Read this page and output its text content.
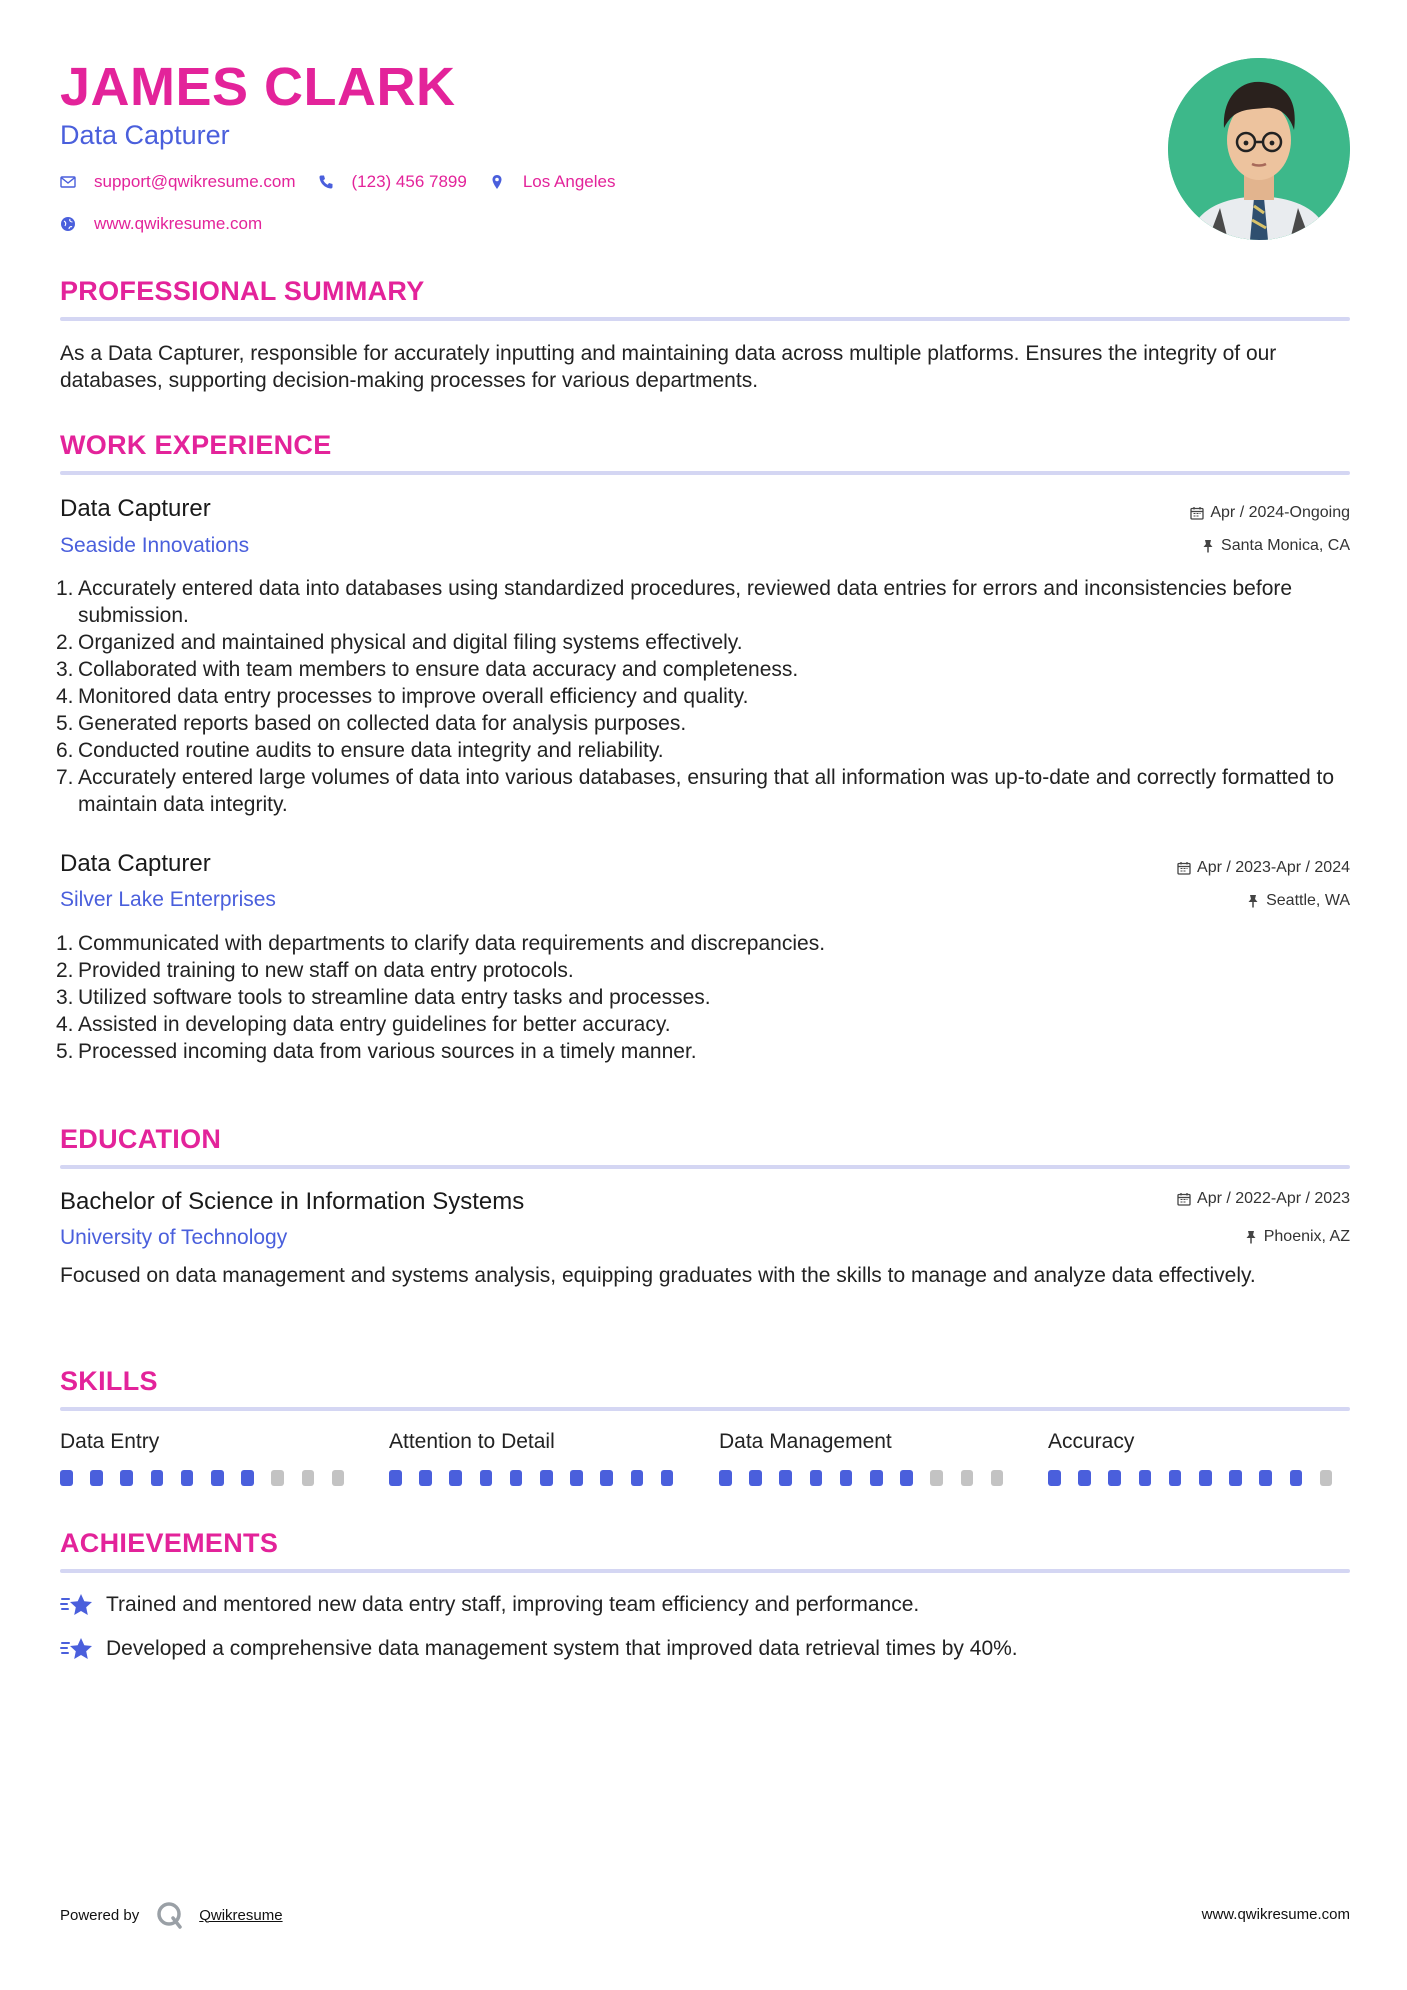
JAMES CLARK
Data Capturer
support@qwikresume.com	(123) 456 7899	Los Angeles
www.qwikresume.com
PROFESSIONAL SUMMARY
As a Data Capturer, responsible for accurately inputting and maintaining data across multiple platforms. Ensures the integrity of our databases, supporting decision-making processes for various departments.
WORK EXPERIENCE
Data Capturer
Seaside Innovations
Apr / 2024-Ongoing
Santa Monica, CA
1. Accurately entered data into databases using standardized procedures, reviewed data entries for errors and inconsistencies before submission.
2. Organized and maintained physical and digital filing systems effectively.
3. Collaborated with team members to ensure data accuracy and completeness.
4. Monitored data entry processes to improve overall efficiency and quality.
5. Generated reports based on collected data for analysis purposes.
6. Conducted routine audits to ensure data integrity and reliability.
7. Accurately entered large volumes of data into various databases, ensuring that all information was up-to-date and correctly formatted to maintain data integrity.
Data Capturer
Silver Lake Enterprises
Apr / 2023-Apr / 2024
Seattle, WA
1. Communicated with departments to clarify data requirements and discrepancies.
2. Provided training to new staff on data entry protocols.
3. Utilized software tools to streamline data entry tasks and processes.
4. Assisted in developing data entry guidelines for better accuracy.
5. Processed incoming data from various sources in a timely manner.
EDUCATION
Bachelor of Science in Information Systems
University of Technology
Apr / 2022-Apr / 2023
Phoenix, AZ
Focused on data management and systems analysis, equipping graduates with the skills to manage and analyze data effectively.
SKILLS
Data Entry	Attention to Detail	Data Management	Accuracy
ACHIEVEMENTS
Trained and mentored new data entry staff, improving team efficiency and performance.
Developed a comprehensive data management system that improved data retrieval times by 40%.
Powered by	Qwikresume	www.qwikresume.com
